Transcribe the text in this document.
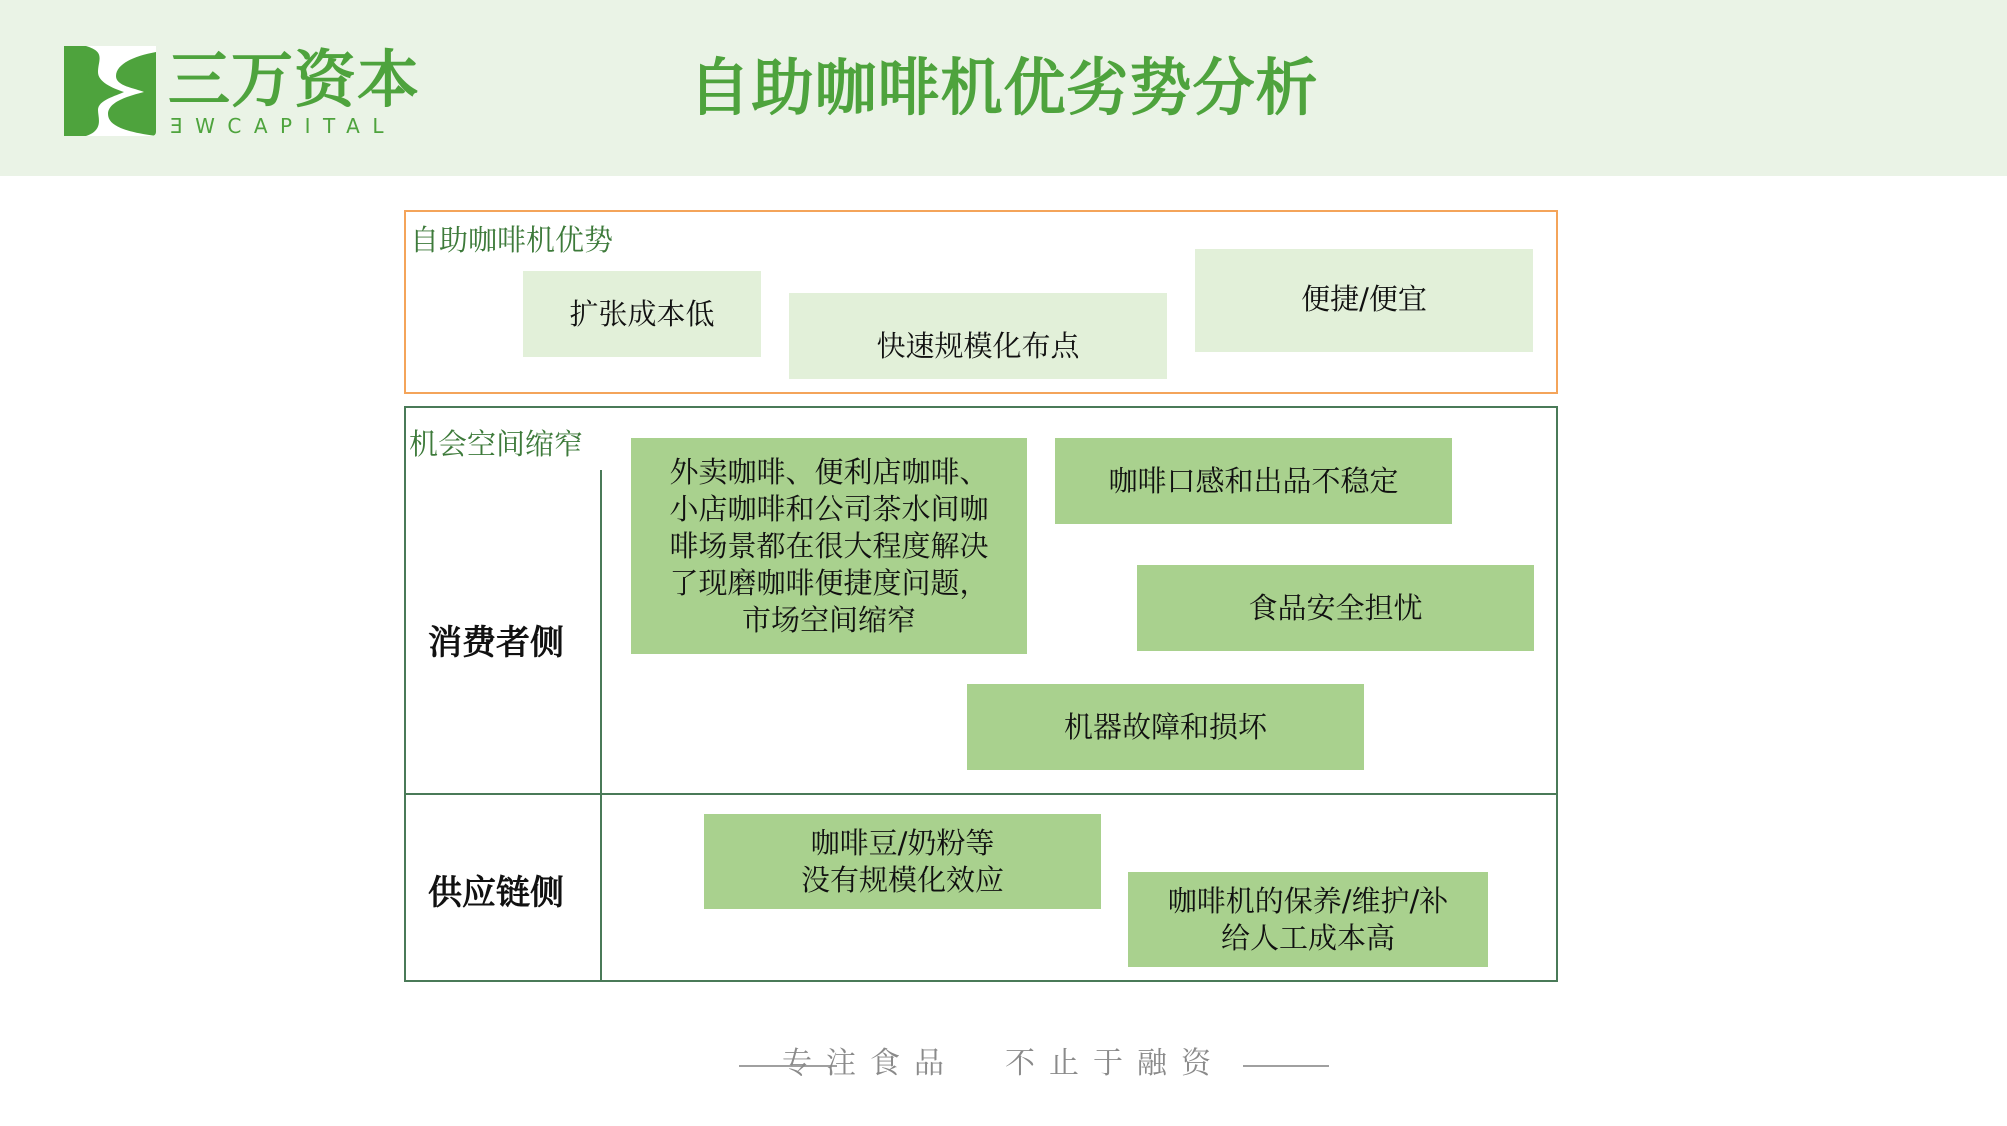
三万资本
ƎWCAPITAL
自助咖啡机优劣势分析
自助咖啡机优势
扩张成本低
快速规模化布点
便捷/便宜
机会空间缩窄
消费者侧
供应链侧
外卖咖啡、便利店咖啡、
小店咖啡和公司茶水间咖
啡场景都在很大程度解决
了现磨咖啡便捷度问题，
市场空间缩窄
咖啡口感和出品不稳定
食品安全担忧
机器故障和损坏
咖啡豆/奶粉等
没有规模化效应
咖啡机的保养/维护/补
给人工成本高
专注食品  不止于融资
